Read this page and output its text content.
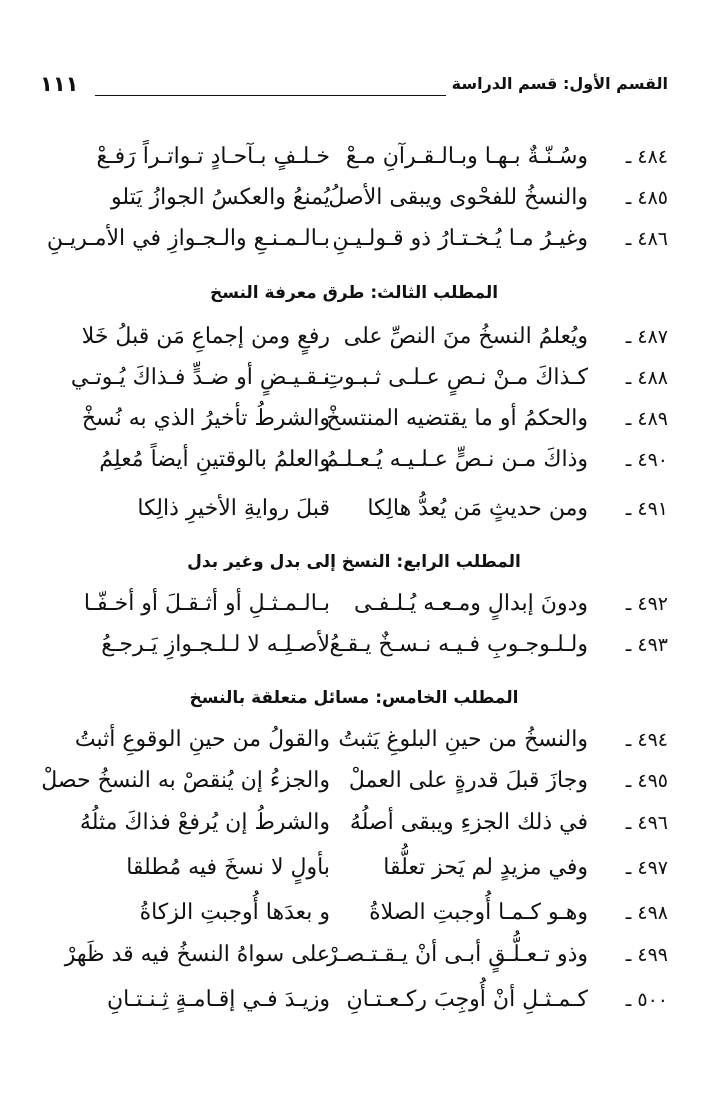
١١١	القسم الأول: قسم الدراسة
٤٨٤ ـ
وسُـنّـةٌ بـهـا وبـالـقـرآنِ مـعْ
خـلـفٍ بـآحـادٍ تـواتـراً رَفـعْ
٤٨٥ ـ
والنسخُ للفحْوى ويبقى الأصلُ
يُمنعُ والعكسُ الجوازُ يَتلو
٤٨٦ ـ
وغيـرُ مـا يُـخـتـارُ ذو قـولـيـنِ
بـالـمـنـعِ والـجـوازِ في الأمـريـنِ
المطلب الثالث: طرق معرفة النسخ
٤٨٧ ـ
ويُعلمُ النسخُ منَ النصِّ على
رفعٍ ومن إجماعِ مَن قبلُ خَلا
٤٨٨ ـ
كـذاكَ مـنْ نـصٍ عـلـى ثـبـوتِ
نـقـيـضٍ أو ضـدٍّ فـذاكَ يُـوتـي
٤٨٩ ـ
والحكمُ أو ما يقتضيه المنتسخْ
والشرطُ تأخيرُ الذي به نُسخْ
٤٩٠ ـ
وذاكَ مـن نـصٍّ عـلـيـه يُـعـلـمُ
والعلمُ بالوقتينِ أيضاً مُعلِمُ
٤٩١ ـ
ومن حديثٍ مَن يُعدُّ هالِكا
قبلَ روايةِ الأخيرِ ذالِكا
المطلب الرابع: النسخ إلى بدل وغير بدل
٤٩٢ ـ
ودونَ إبدالٍ ومـعـه يُـلـفـى
بـالـمـثـلِ أو أثـقـلَ أو أخـفّـا
٤٩٣ ـ
ولـلـوجـوبِ فـيـه نـسـخٌ يـقـعُ
لأصـلِـه لا لـلـجـوازِ يَـرجـعُ
المطلب الخامس: مسائل متعلقة بالنسخ
٤٩٤ ـ
والنسخُ من حينِ البلوغِ يَثبتُ
والقولُ من حينِ الوقوعِ أثبتُ
٤٩٥ ـ
وجازَ قبلَ قدرةٍ على العملْ
والجزءُ إن يُنقصْ به النسخُ حصلْ
٤٩٦ ـ
في ذلك الجزءِ ويبقى أصلُهُ
والشرطُ إن يُرفعْ فذاكَ مثلُهُ
٤٩٧ ـ
وفي مزيدٍ لم يَحز تعلُّقا
بأولٍ لا نسخَ فيه مُطلقا
٤٩٨ ـ
وهـو كـمـا أُوجبتِ الصلاةُ
و بعدَها أُوجبتِ الزكاةُ
٤٩٩ ـ
وذو تـعـلُّـقٍ أبـى أنْ يـقـتـصـرْ
على سواهُ النسخُ فيه قد ظَهرْ
٥٠٠ ـ
كـمـثـلِ أنْ أُوجِبَ ركـعـتـانِ
وزيـدَ فـي إقـامـةٍ ثِـنـتـانِ
